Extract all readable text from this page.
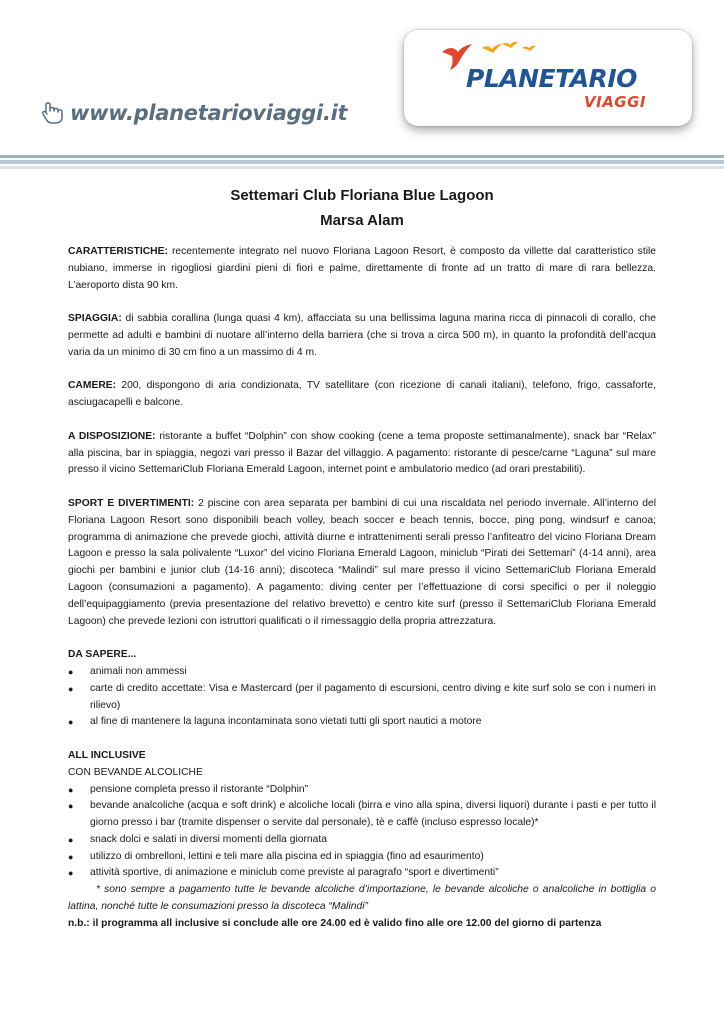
www.planetarioviaggi.it
PLANETARIO
VIAGGI
Settemari Club Floriana Blue Lagoon
Marsa Alam

CARATTERISTICHE: recentemente integrato nel nuovo Floriana Lagoon Resort, è composto da villette dal caratteristico stile nubiano, immerse in rigogliosi giardini pieni di fiori e palme, direttamente di fronte ad un tratto di mare di rara bellezza. L’aeroporto dista 90 km.

SPIAGGIA: di sabbia corallina (lunga quasi 4 km), affacciata su una bellissima laguna marina ricca di pinnacoli di corallo, che permette ad adulti e bambini di nuotare all’interno della barriera (che si trova a circa 500 m), in quanto la profondità dell’acqua varia da un minimo di 30 cm fino a un massimo di 4 m.

CAMERE: 200, dispongono di aria condizionata, TV satellitare (con ricezione di canali italiani), telefono, frigo, cassaforte, asciugacapelli e balcone.

A DISPOSIZIONE: ristorante a buffet “Dolphin” con show cooking (cene a tema proposte settimanalmente), snack bar “Relax” alla piscina, bar in spiaggia, negozi vari presso il Bazar del villaggio. A pagamento: ristorante di pesce/carne “Laguna” sul mare presso il vicino SettemariClub Floriana Emerald Lagoon, internet point e ambulatorio medico (ad orari prestabiliti).

SPORT E DIVERTIMENTI: 2 piscine con area separata per bambini di cui una riscaldata nel periodo invernale. All’interno del Floriana Lagoon Resort sono disponibili beach volley, beach soccer e beach tennis, bocce, ping pong, windsurf e canoa; programma di animazione che prevede giochi, attività diurne e intrattenimenti serali presso l’anfiteatro del vicino Floriana Dream Lagoon e presso la sala polivalente “Luxor” del vicino Floriana Emerald Lagoon, miniclub “Pirati dei Settemari” (4-14 anni), area giochi per bambini e junior club (14-16 anni); discoteca “Malindi” sul mare presso il vicino SettemariClub Floriana Emerald Lagoon (consumazioni a pagamento). A pagamento: diving center per l’effettuazione di corsi specifici o per il noleggio dell’equipaggiamento (previa presentazione del relativo brevetto) e centro kite surf (presso il SettemariClub Floriana Emerald Lagoon) che prevede lezioni con istruttori qualificati o il rimessaggio della propria attrezzatura.

DA SAPERE...
● animali non ammessi
● carte di credito accettate: Visa e Mastercard (per il pagamento di escursioni, centro diving e kite surf solo se con i numeri in rilievo)
● al fine di mantenere la laguna incontaminata sono vietati tutti gli sport nautici a motore
ALL INCLUSIVE
CON BEVANDE ALCOLICHE
● pensione completa presso il ristorante “Dolphin”
● bevande analcoliche (acqua e soft drink) e alcoliche locali (birra e vino alla spina, diversi liquori) durante i pasti e per tutto il giorno presso i bar (tramite dispenser o servite dal personale), tè e caffè (incluso espresso locale)*
● snack dolci e salati in diversi momenti della giornata
● utilizzo di ombrelloni, lettini e teli mare alla piscina ed in spiaggia (fino ad esaurimento)
● attività sportive, di animazione e miniclub come previste al paragrafo “sport e divertimenti”

* sono sempre a pagamento tutte le bevande alcoliche d’importazione, le bevande alcoliche o analcoliche in bottiglia o lattina, nonché tutte le consumazioni presso la discoteca “Malindi”

n.b.: il programma all inclusive si conclude alle ore 24.00 ed è valido fino alle ore 12.00 del giorno di partenza
